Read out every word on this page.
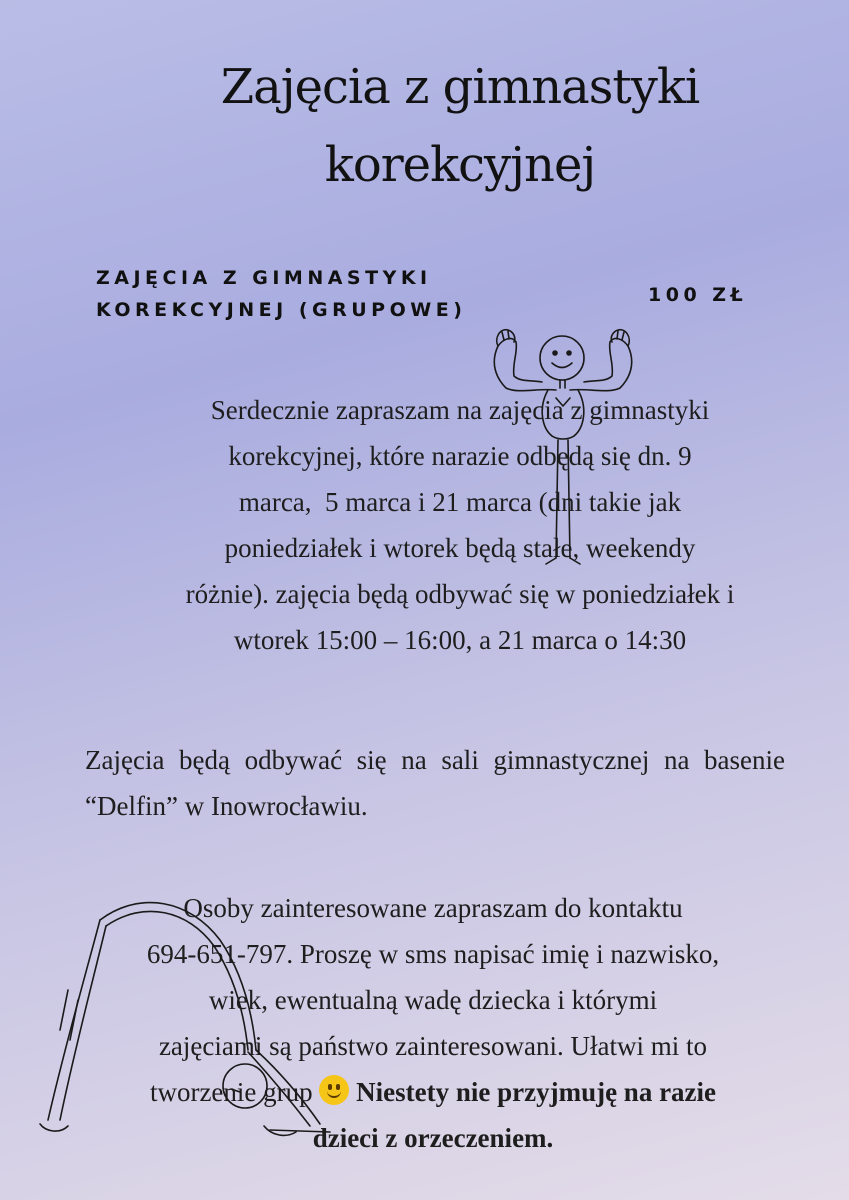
Zajęcia z gimnastyki
korekcyjnej
ZAJĘCIA Z GIMNASTYKI
KOREKCYJNEJ (GRUPOWE)
100 ZŁ
Serdecznie zapraszam na zajęcia z gimnastyki
korekcyjnej, które narazie odbędą się dn. 9
marca,  5 marca i 21 marca (dni takie jak
poniedziałek i wtorek będą stałe, weekendy
różnie). zajęcia będą odbywać się w poniedziałek i
wtorek 15:00 – 16:00, a 21 marca o 14:30
Zajęcia będą odbywać się na sali gimnastycznej na basenie “Delfin” w Inowrocławiu.
Osoby zainteresowane zapraszam do kontaktu
694-651-797. Proszę w sms napisać imię i nazwisko,
wiek, ewentualną wadę dziecka i którymi
zajęciami są państwo zainteresowani. Ułatwi mi to
tworzenie grup
Niestety nie przyjmuję na razie
dzieci z orzeczeniem.
